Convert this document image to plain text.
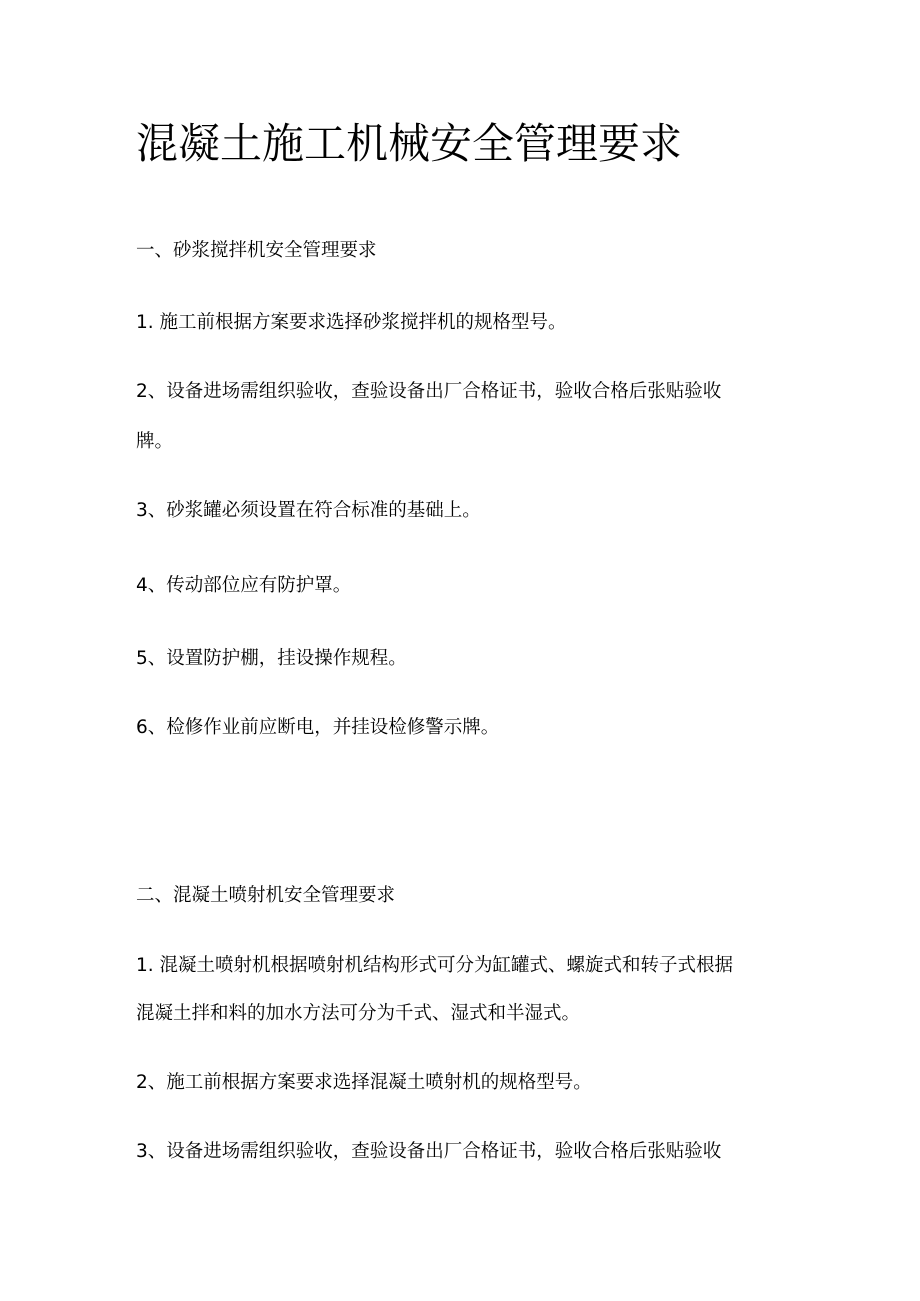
混凝土施工机械安全管理要求

一、砂浆搅拌机安全管理要求

1. 施工前根据方案要求选择砂浆搅拌机的规格型号。

2、设备进场需组织验收，查验设备出厂合格证书，验收合格后张贴验收

牌。

3、砂浆罐必须设置在符合标准的基础上。

4、传动部位应有防护罩。

5、设置防护棚，挂设操作规程。

6、检修作业前应断电，并挂设检修警示牌。

二、混凝土喷射机安全管理要求

1. 混凝土喷射机根据喷射机结构形式可分为缸罐式、螺旋式和转子式根据

混凝土拌和料的加水方法可分为千式、湿式和半湿式。

2、施工前根据方案要求选择混凝土喷射机的规格型号。

3、设备进场需组织验收，查验设备出厂合格证书，验收合格后张贴验收
